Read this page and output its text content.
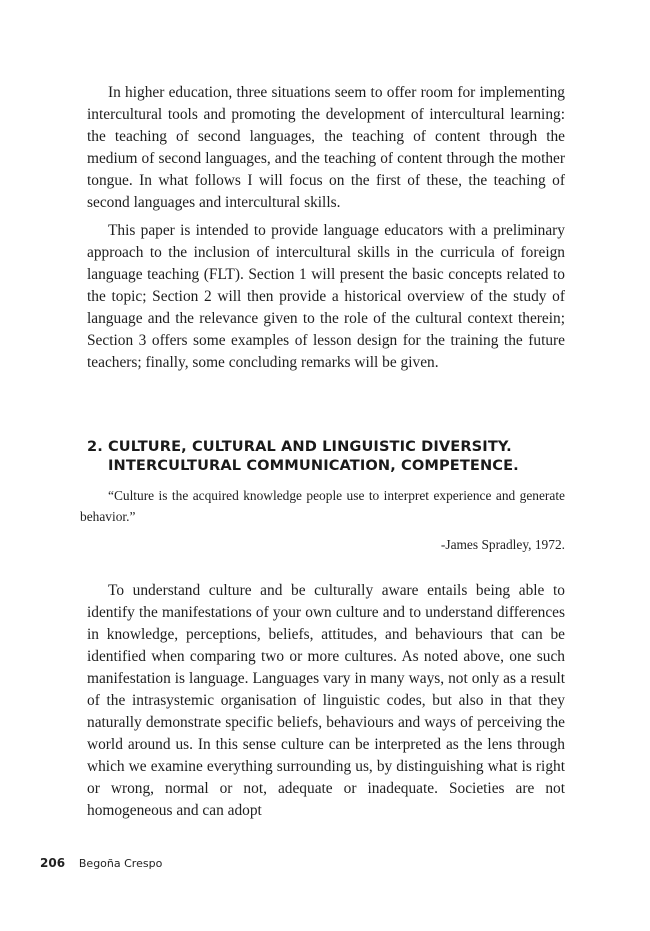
In higher education, three situations seem to offer room for implementing intercultural tools and promoting the development of intercultural learning: the teaching of second languages, the teaching of content through the medium of second languages, and the teaching of content through the mother tongue. In what follows I will focus on the first of these, the teaching of second languages and intercultural skills.

This paper is intended to provide language educators with a preliminary approach to the inclusion of intercultural skills in the curricula of foreign language teaching (FLT). Section 1 will present the basic concepts related to the topic; Section 2 will then provide a historical overview of the study of language and the relevance given to the role of the cultural context therein; Section 3 offers some examples of lesson design for the training the future teachers; finally, some concluding remarks will be given.

2. CULTURE, CULTURAL AND LINGUISTIC DIVERSITY.
INTERCULTURAL COMMUNICATION, COMPETENCE.

“Culture is the acquired knowledge people use to interpret experience and generate behavior.”

-James Spradley, 1972.

To understand culture and be culturally aware entails being able to identify the manifestations of your own culture and to understand differences in knowledge, perceptions, beliefs, attitudes, and behaviours that can be identified when comparing two or more cultures. As noted above, one such manifestation is language. Languages vary in many ways, not only as a result of the intrasystemic organisation of linguistic codes, but also in that they naturally demonstrate specific beliefs, behaviours and ways of perceiving the world around us. In this sense culture can be interpreted as the lens through which we examine everything surrounding us, by distinguishing what is right or wrong, normal or not, adequate or inadequate. Societies are not homogeneous and can adopt

206 Begoña Crespo
